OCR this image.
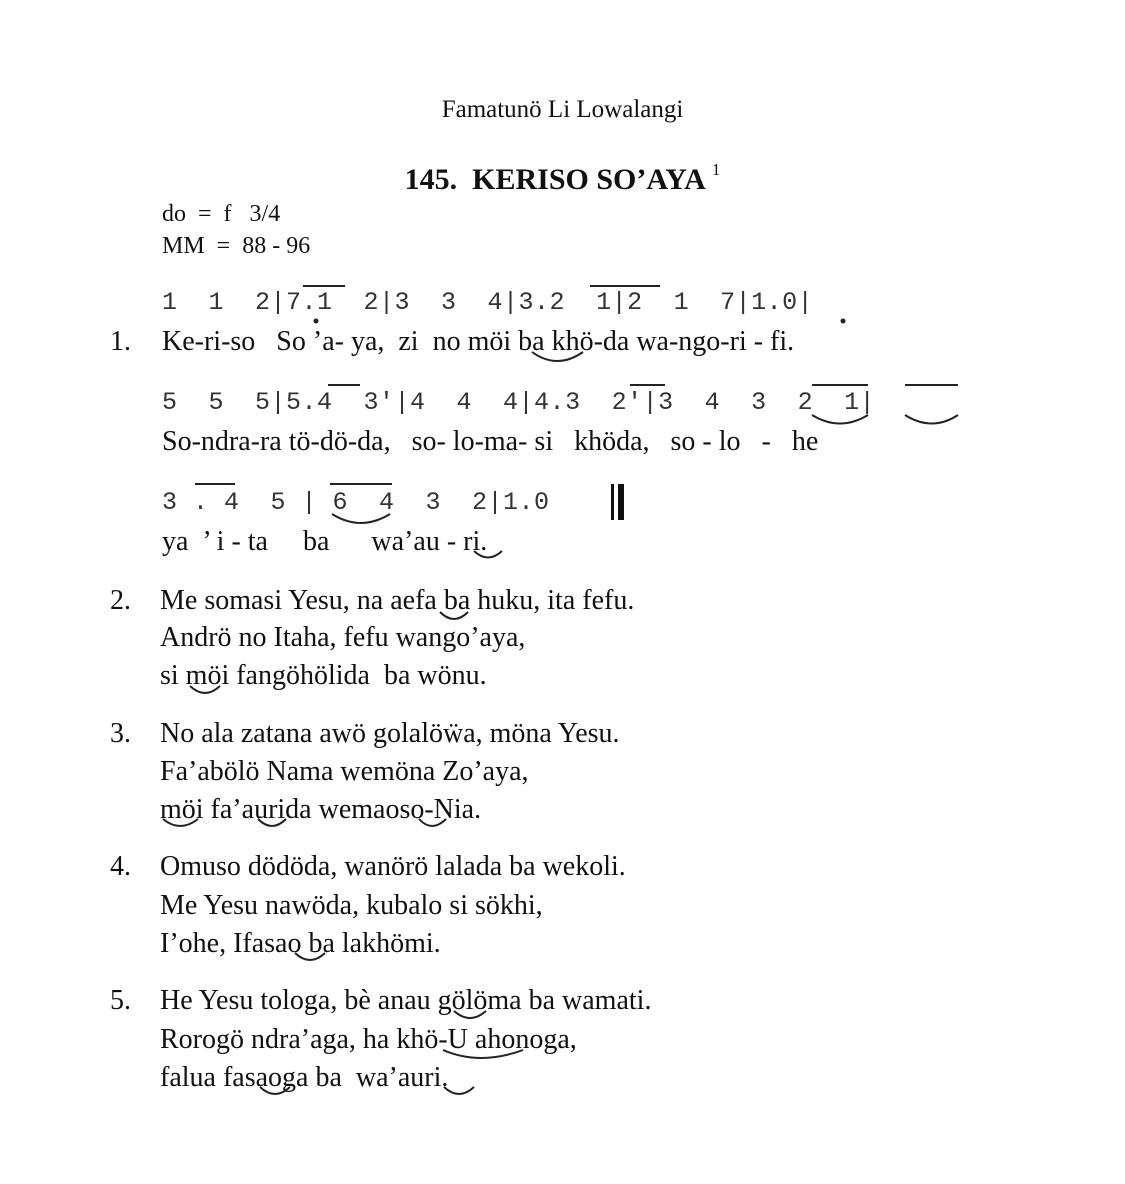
Famatunö Li Lowalangi
145.  KERISO SO’AYA $^1$
do  =  f   3/4
MM  =  88 - 96
1  1  2|7.1  2|3  3  4|3.2  1|2  1  7|1.0|
1. Ke-ri-so   So ’a- ya,  zi  no möi ba khö-da wa-ngo-ri - fi.
5  5  5|5.4  3'|4  4  4|4.3  2'|3  4  3  2  1|
So-ndra-ra tö-dö-da,   so- lo-ma- si   khöda,   so - lo   -   he
3 . 4  5 | 6  4  3  2|1.0
ya  ’ i - ta     ba      wa’au - ri.
2. Me somasi Yesu, na aefa ba huku, ita fefu.
Andrö no Itaha, fefu wango’aya,
si möi fangöhölida  ba wönu.
3. No ala zatana awö golalöẅa, möna Yesu.
Fa’abölö Nama wemöna Zo’aya,
möi fa’aurida wemaoso-Nia.
4. Omuso dödöda, wanörö lalada ba wekoli.
Me Yesu nawöda, kubalo si sökhi,
I’ohe, Ifasao ba lakhömi.
5. He Yesu tologa, bè anau gölöma ba wamati.
Rorogö ndra’aga, ha khö-U ahonoga,
falua fasaoga ba  wa’auri.
